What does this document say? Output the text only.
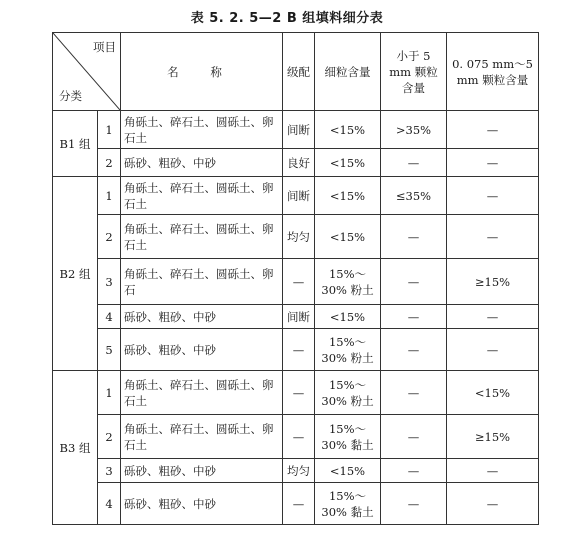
表 5. 2. 5—2 B 组填料细分表
项目
分类		名 称	级配	细粒含量	小于 5 mm 颗粒含量	0. 075 mm～5 mm 颗粒含量
B1 组	1	角砾土、碎石土、圆砾土、卵石土	间断	<15%	>35%	—
	2	砾砂、粗砂、中砂	良好	<15%	—	—
B2 组	1	角砾土、碎石土、圆砾土、卵石土	间断	<15%	≤35%	—
	2	角砾土、碎石土、圆砾土、卵石土	均匀	<15%	—	—
	3	角砾土、碎石土、圆砾土、卵石	—	15%～30% 粉土	—	≥15%
	4	砾砂、粗砂、中砂	间断	<15%	—	—
	5	砾砂、粗砂、中砂	—	15%～30% 粉土	—	—
B3 组	1	角砾土、碎石土、圆砾土、卵石土	—	15%～30% 粉土	—	<15%
	2	角砾土、碎石土、圆砾土、卵石土	—	15%～30% 黏土	—	≥15%
	3	砾砂、粗砂、中砂	均匀	<15%	—	—
	4	砾砂、粗砂、中砂	—	15%～30% 黏土	—	—
